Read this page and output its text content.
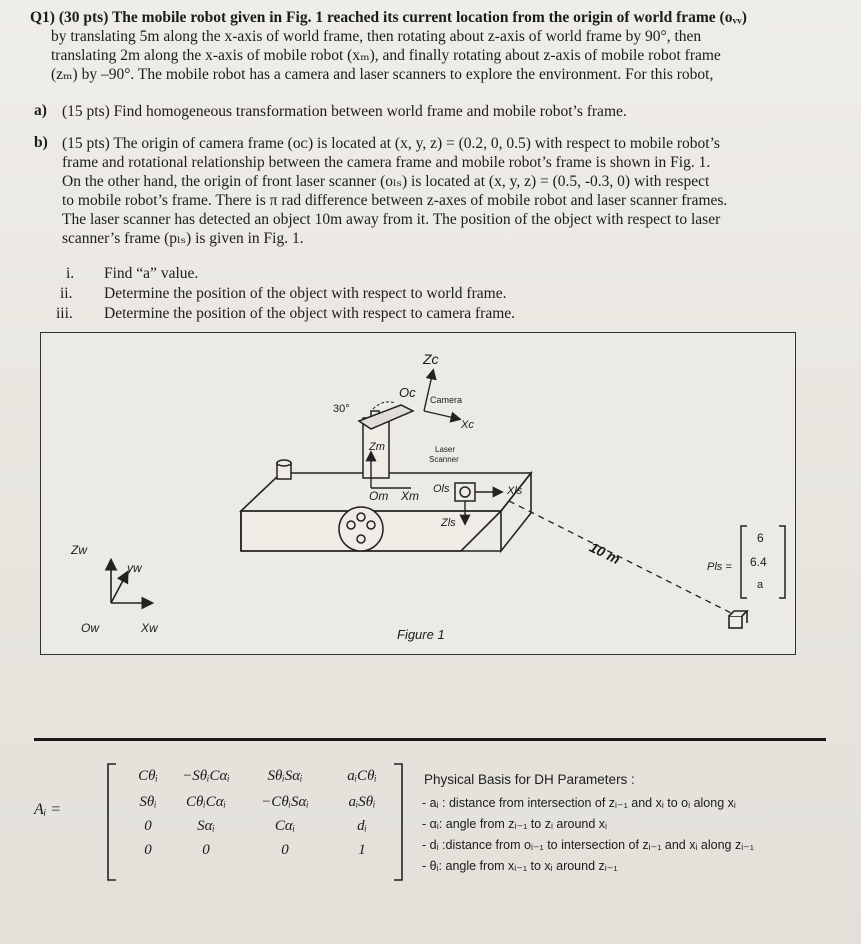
Q1) (30 pts) The mobile robot given in Fig. 1 reached its current location from the origin of world frame (oᵥᵥ)
by translating 5m along the x-axis of world frame, then rotating about z-axis of world frame by 90°, then
translating 2m along the x-axis of mobile robot (xₘ), and finally rotating about z-axis of mobile robot frame
(zₘ) by –90°. The mobile robot has a camera and laser scanners to explore the environment. For this robot,
a) (15 pts) Find homogeneous transformation between world frame and mobile robot’s frame.
b) (15 pts) The origin of camera frame (oᴄ) is located at (x, y, z) = (0.2, 0, 0.5) with respect to mobile robot’s
frame and rotational relationship between the camera frame and mobile robot’s frame is shown in Fig. 1.
On the other hand, the origin of front laser scanner (oₗₛ) is located at (x, y, z) = (0.5, -0.3, 0) with respect
to mobile robot’s frame. There is π rad difference between z-axes of mobile robot and laser scanner frames.
The laser scanner has detected an object 10m away from it. The position of the object with respect to laser
scanner’s frame (pₗₛ) is given in Fig. 1.
i. Find “a” value.
ii. Determine the position of the object with respect to world frame.
iii. Determine the position of the object with respect to camera frame.
Zc
Oc Camera
Xc
30°
Zm
Om Xm
Laser
Scanner
Ols
Zls
Xls
10 m
Zw
yw
Ow	Xw
Pls =
6
6.4
a
Figure 1
Aᵢ =
Cθᵢ	−SθᵢCαᵢ	SθᵢSαᵢ	aᵢCθᵢ
Sθᵢ	CθᵢCαᵢ	−CθᵢSαᵢ	aᵢSθᵢ
0	Sαᵢ	Cαᵢ	dᵢ
0	0	0	1
Physical Basis for DH Parameters :
- aᵢ : distance from intersection of zᵢ₋₁ and xᵢ to oᵢ along xᵢ
- αᵢ: angle from zᵢ₋₁ to zᵢ around xᵢ
- dᵢ :distance from oᵢ₋₁ to intersection of zᵢ₋₁ and xᵢ along zᵢ₋₁
- θᵢ: angle from xᵢ₋₁ to xᵢ around zᵢ₋₁
